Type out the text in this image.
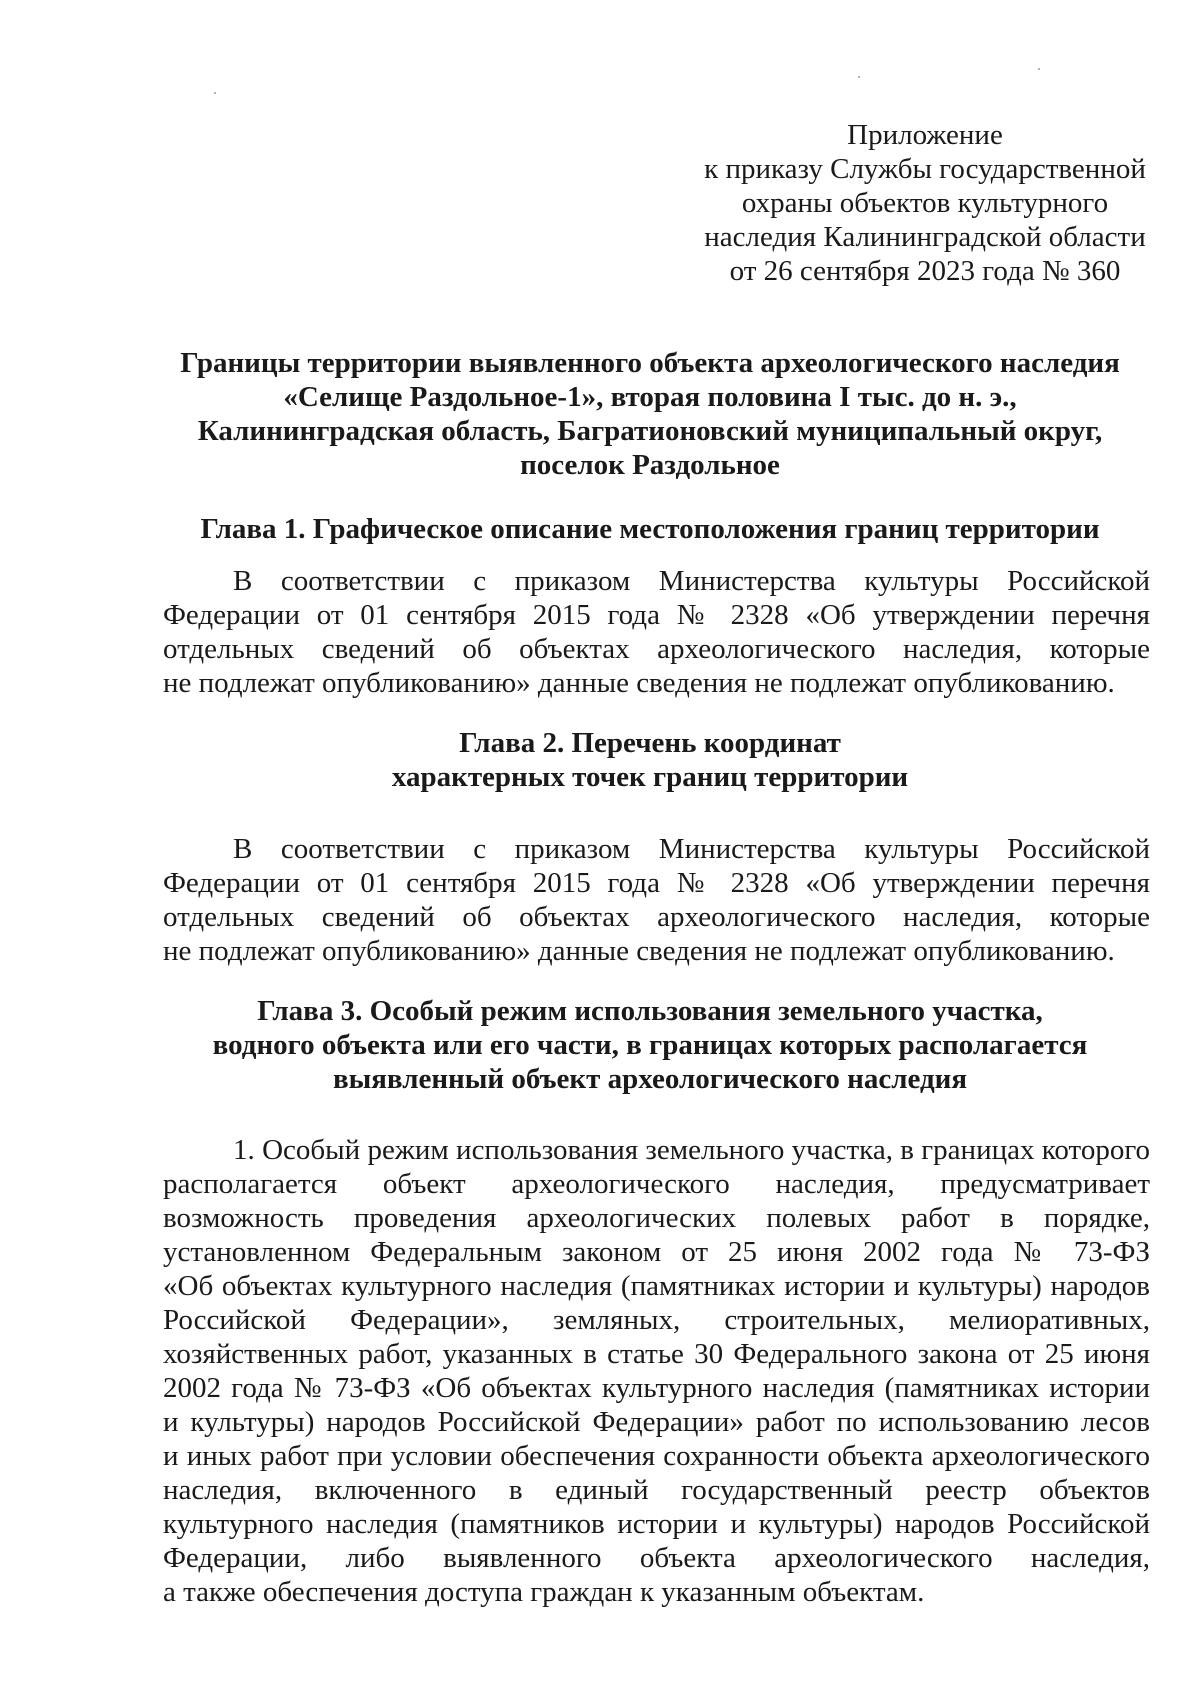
Приложение
к приказу Службы государственной
охраны объектов культурного
наследия Калининградской области
от 26 сентября 2023 года № 360
Границы территории выявленного объекта археологического наследия
«Селище Раздольное-1», вторая половина I тыс. до н. э.,
Калининградская область, Багратионовский муниципальный округ,
поселок Раздольное
Глава 1. Графическое описание местоположения границ территории
В соответствии с приказом Министерства культуры Российской
Федерации от 01 сентября 2015 года № 2328 «Об утверждении перечня
отдельных сведений об объектах археологического наследия, которые
не подлежат опубликованию» данные сведения не подлежат опубликованию.
Глава 2. Перечень координат
характерных точек границ территории
В соответствии с приказом Министерства культуры Российской
Федерации от 01 сентября 2015 года № 2328 «Об утверждении перечня
отдельных сведений об объектах археологического наследия, которые
не подлежат опубликованию» данные сведения не подлежат опубликованию.
Глава 3. Особый режим использования земельного участка,
водного объекта или его части, в границах которых располагается
выявленный объект археологического наследия
1. Особый режим использования земельного участка, в границах которого
располагается объект археологического наследия, предусматривает
возможность проведения археологических полевых работ в порядке,
установленном Федеральным законом от 25 июня 2002 года № 73-ФЗ
«Об объектах культурного наследия (памятниках истории и культуры) народов
Российской Федерации», земляных, строительных, мелиоративных,
хозяйственных работ, указанных в статье 30 Федерального закона от 25 июня
2002 года № 73-ФЗ «Об объектах культурного наследия (памятниках истории
и культуры) народов Российской Федерации» работ по использованию лесов
и иных работ при условии обеспечения сохранности объекта археологического
наследия, включенного в единый государственный реестр объектов
культурного наследия (памятников истории и культуры) народов Российской
Федерации, либо выявленного объекта археологического наследия,
а также обеспечения доступа граждан к указанным объектам.
